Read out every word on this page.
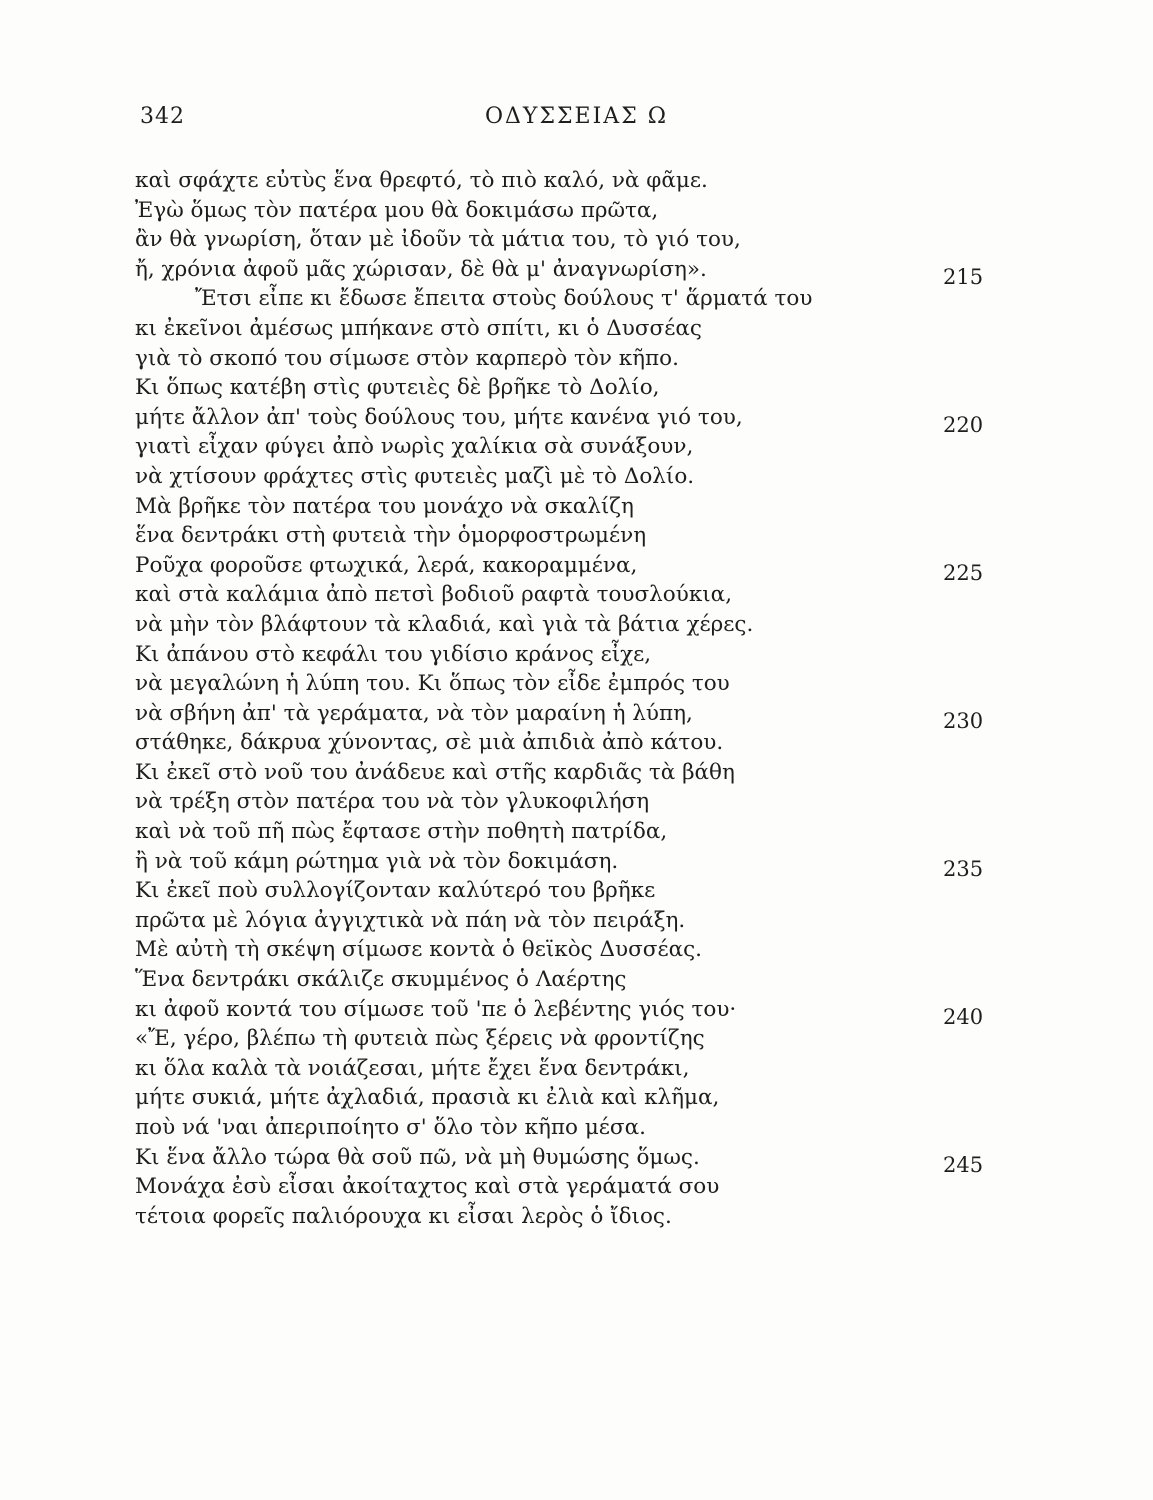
342	ΟΔΥΣΣΕΙΑΣ Ω
καὶ σφάχτε εὐτὺς ἕνα θρεφτό, τὸ πιὸ καλό, νὰ φᾶμε.
Ἐγὼ ὅμως τὸν πατέρα μου θὰ δοκιμάσω πρῶτα,
ἂν θὰ γνωρίση, ὅταν μὲ ἰδοῦν τὰ μάτια του, τὸ γιό του,
ἤ, χρόνια ἀφοῦ μᾶς χώρισαν, δὲ θὰ μ' ἀναγνωρίση».	215
Ἔτσι εἶπε κι ἔδωσε ἔπειτα στοὺς δούλους τ' ἅρματά του
κι ἐκεῖνοι ἀμέσως μπήκανε στὸ σπίτι, κι ὁ Δυσσέας
γιὰ τὸ σκοπό του σίμωσε στὸν καρπερὸ τὸν κῆπο.
Κι ὅπως κατέβη στὶς φυτειὲς δὲ βρῆκε τὸ Δολίο,
μήτε ἄλλον ἀπ' τοὺς δούλους του, μήτε κανένα γιό του,	220
γιατὶ εἶχαν φύγει ἀπὸ νωρὶς χαλίκια σὰ συνάξουν,
νὰ χτίσουν φράχτες στὶς φυτειὲς μαζὶ μὲ τὸ Δολίο.
Μὰ βρῆκε τὸν πατέρα του μονάχο νὰ σκαλίζη
ἕνα δεντράκι στὴ φυτειὰ τὴν ὁμορφοστρωμένη
Ροῦχα φοροῦσε φτωχικά, λερά, κακοραμμένα,	225
καὶ στὰ καλάμια ἀπὸ πετσὶ βοδιοῦ ραφτὰ τουσλούκια,
νὰ μὴν τὸν βλάφτουν τὰ κλαδιά, καὶ γιὰ τὰ βάτια χέρες.
Κι ἀπάνου στὸ κεφάλι του γιδίσιο κράνος εἶχε,
νὰ μεγαλώνη ἡ λύπη του. Κι ὅπως τὸν εἶδε ἐμπρός του
νὰ σβήνη ἀπ' τὰ γεράματα, νὰ τὸν μαραίνη ἡ λύπη,	230
στάθηκε, δάκρυα χύνοντας, σὲ μιὰ ἀπιδιὰ ἀπὸ κάτου.
Κι ἐκεῖ στὸ νοῦ του ἀνάδευε καὶ στῆς καρδιᾶς τὰ βάθη
νὰ τρέξη στὸν πατέρα του νὰ τὸν γλυκοφιλήση
καὶ νὰ τοῦ πῆ πὼς ἔφτασε στὴν ποθητὴ πατρίδα,
ἢ νὰ τοῦ κάμη ρώτημα γιὰ νὰ τὸν δοκιμάση.	235
Κι ἐκεῖ ποὺ συλλογίζονταν καλύτερό του βρῆκε
πρῶτα μὲ λόγια ἀγγιχτικὰ νὰ πάη νὰ τὸν πειράξη.
Μὲ αὐτὴ τὴ σκέψη σίμωσε κοντὰ ὁ θεϊκὸς Δυσσέας.
Ἕνα δεντράκι σκάλιζε σκυμμένος ὁ Λαέρτης
κι ἀφοῦ κοντά του σίμωσε τοῦ 'πε ὁ λεβέντης γιός του·	240
«Ἔ, γέρο, βλέπω τὴ φυτειὰ πὼς ξέρεις νὰ φροντίζης
κι ὅλα καλὰ τὰ νοιάζεσαι, μήτε ἔχει ἕνα δεντράκι,
μήτε συκιά, μήτε ἀχλαδιά, πρασιὰ κι ἐλιὰ καὶ κλῆμα,
ποὺ νά 'ναι ἀπεριποίητο σ' ὅλο τὸν κῆπο μέσα.
Κι ἕνα ἄλλο τώρα θὰ σοῦ πῶ, νὰ μὴ θυμώσης ὅμως.	245
Μονάχα ἐσὺ εἶσαι ἀκοίταχτος καὶ στὰ γεράματά σου
τέτοια φορεῖς παλιόρουχα κι εἶσαι λερὸς ὁ ἴδιος.
